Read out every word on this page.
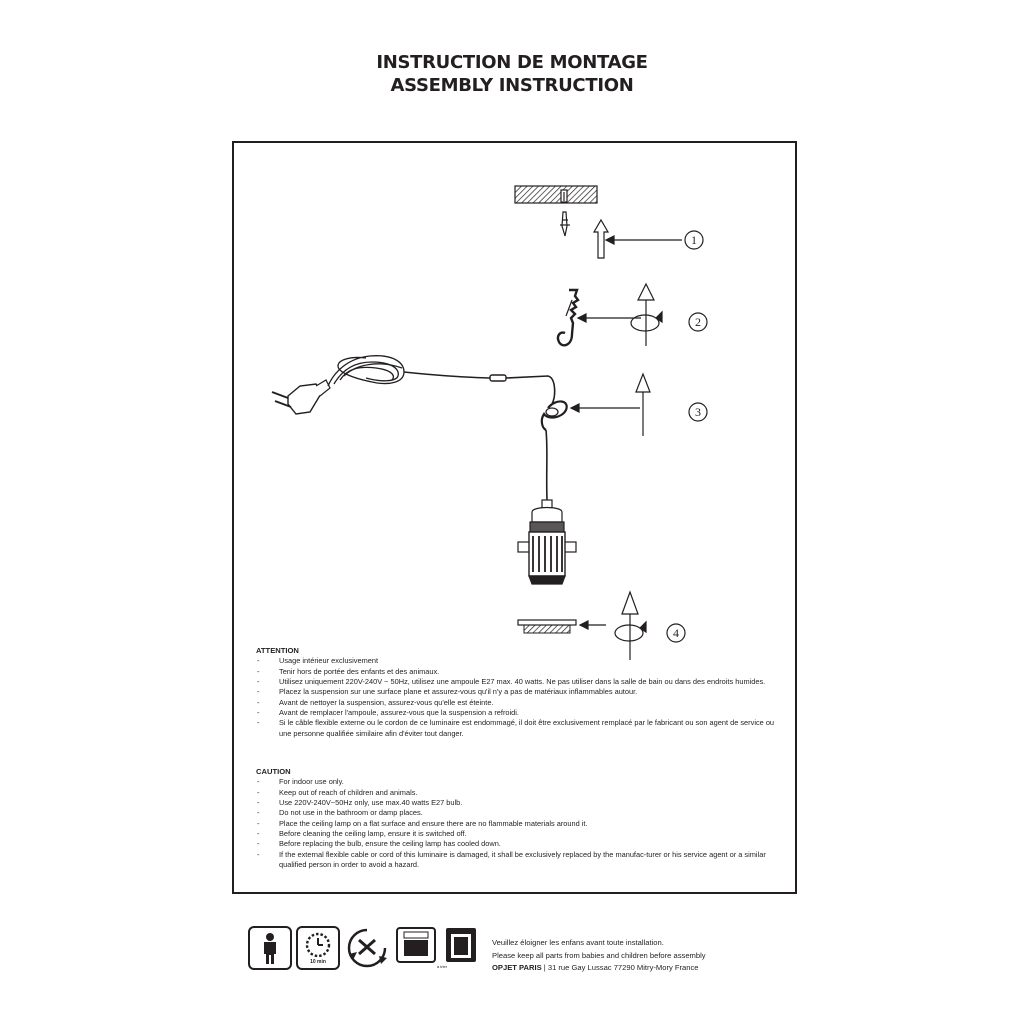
INSTRUCTION DE MONTAGE
ASSEMBLY INSTRUCTION
1
2
3
4
ATTENTION
- Usage intérieur exclusivement
- Tenir hors de portée des enfants et des animaux.
- Utilisez uniquement 220V-240V ~ 50Hz, utilisez une ampoule E27 max. 40 watts. Ne pas utiliser dans la salle de bain ou dans des endroits humides.
- Placez la suspension sur une surface plane et assurez-vous qu'il n'y a pas de matériaux inflammables autour.
- Avant de nettoyer la suspension, assurez-vous qu'elle est éteinte.
- Avant de remplacer l'ampoule, assurez-vous que la suspension a refroidi.
- Si le câble flexible externe ou le cordon de ce luminaire est endommagé, il doit être exclusivement remplacé par le fabricant ou son agent de service ou une personne qualifiée similaire afin d'éviter tout danger.
CAUTION
- For indoor use only.
- Keep out of reach of children and animals.
- Use 220V-240V~50Hz only, use max.40 watts E27 bulb.
- Do not use in the bathroom or damp places.
- Place the ceiling lamp on a flat surface and ensure there are no flammable materials around it.
- Before cleaning the ceiling lamp, ensure it is switched off.
- Before replacing the bulb, ensure the ceiling lamp has cooled down.
- If the external flexible cable or cord of this luminaire is damaged, it shall be exclusively replaced by the manufac-turer or his service agent or a similar qualified person in order to avoid a hazard.
10 min
à trier
Veuillez éloigner les enfans avant toute installation.
Please keep all parts from babies and children before assembly
OPJET PARIS | 31 rue Gay Lussac 77290 Mitry-Mory France
